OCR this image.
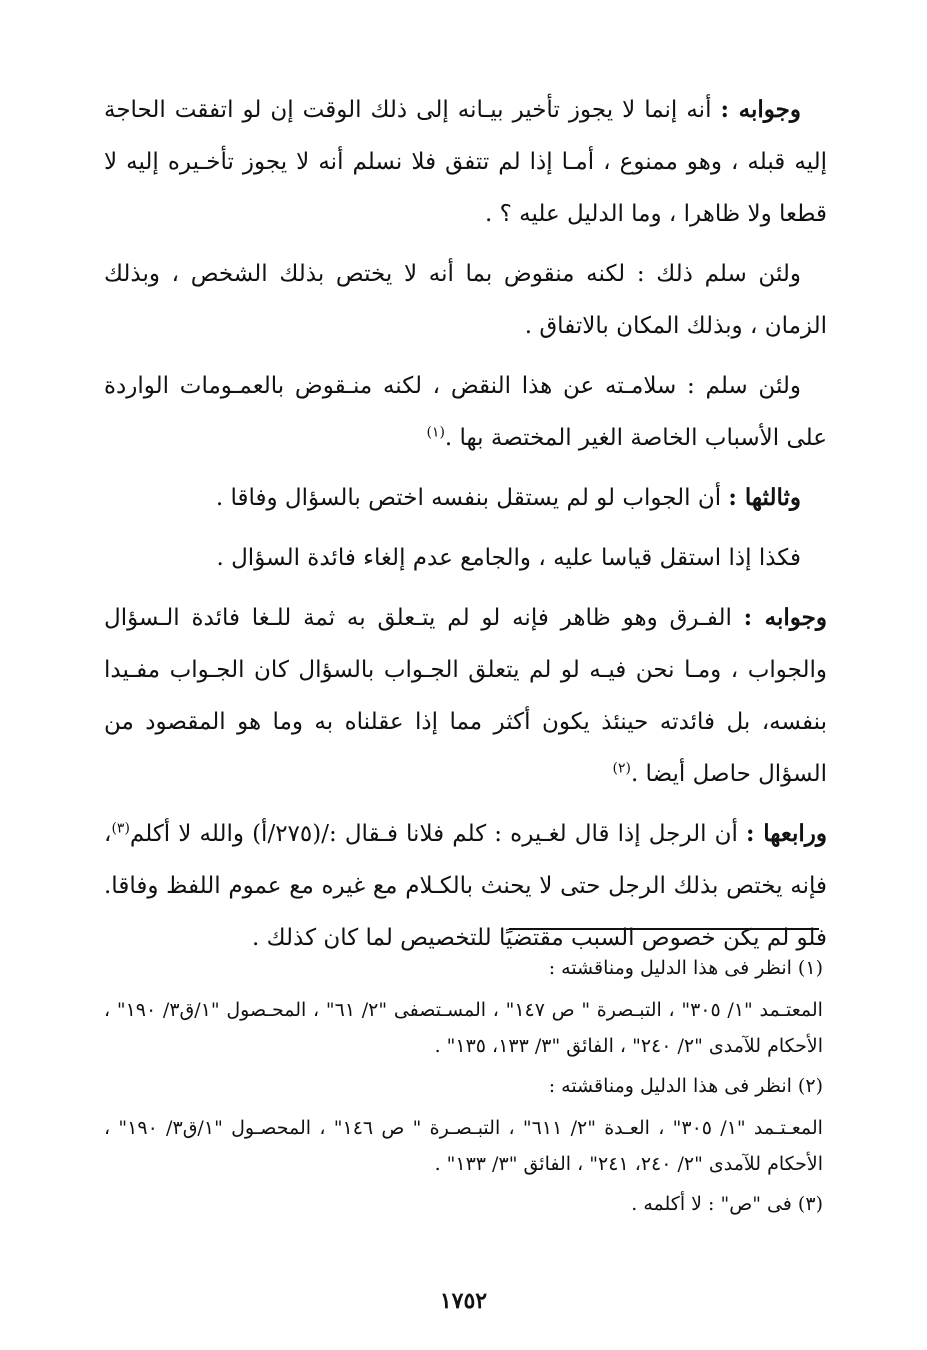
وجوابه : أنه إنما لا يجوز تأخير بيـانه إلى ذلك الوقت إن لو اتفقت الحاجة إليه قبله ، وهو ممنوع ، أمـا إذا لم تتفق فلا نسلم أنه لا يجوز تأخـيره إليه لا قطعا ولا ظاهرا ، وما الدليل عليه ؟ .

ولئن سلم ذلك : لكنه منقوض بما أنه لا يختص بذلك الشخص ، وبذلك الزمان ، وبذلك المكان بالاتفاق .

ولئن سلم : سلامـته عن هذا النقض ، لكنه منـقوض بالعمـومات الواردة على الأسباب الخاصة الغير المختصة بها .$^{(١)}$

وثالثها : أن الجواب لو لم يستقل بنفسه اختص بالسؤال وفاقا .

فكذا إذا استقل قياسا عليه ، والجامع عدم إلغاء فائدة السؤال .

وجوابه : الفـرق وهو ظاهر فإنه لو لم يتـعلق به ثمة للـغا فائدة الـسؤال والجواب ، ومـا نحن فيـه لو لم يتعلق الجـواب بالسؤال كان الجـواب مفـيدا بنفسه، بل فائدته حينئذ يكون أكثر مما إذا عقلناه به وما هو المقصود من السؤال حاصل أيضا .$^{(٢)}$

ورابعها : أن الرجل إذا قال لغـيره : كلم فلانا فـقال :/(٢٧٥/أ) والله لا أكلم$^{(٣)}$، فإنه يختص بذلك الرجل حتى لا يحنث بالكـلام مع غيره مع عموم اللفظ وفاقا. فلو لم يكن خصوص السبب مقتضيًا للتخصيص لما كان كذلك .

(١) انظر فى هذا الدليل ومناقشته :

المعتـمد "١/ ٣٠٥" ، التبـصرة " ص ١٤٧" ، المسـتصفى "٢/ ٦١" ، المحـصول "١/ق٣/ ١٩٠" ، الأحكام للآمدى "٢/ ٢٤٠" ، الفائق "٣/ ١٣٣، ١٣٥" .

(٢) انظر فى هذا الدليل ومناقشته :

المعـتـمد "١/ ٣٠٥" ، العـدة "٢/ ٦١١" ، التبـصـرة " ص ١٤٦" ، المحصـول "١/ق٣/ ١٩٠" ، الأحكام للآمدى "٢/ ٢٤٠، ٢٤١" ، الفائق "٣/ ١٣٣" .

(٣) فى "ص" : لا أكلمه .

١٧٥٢
